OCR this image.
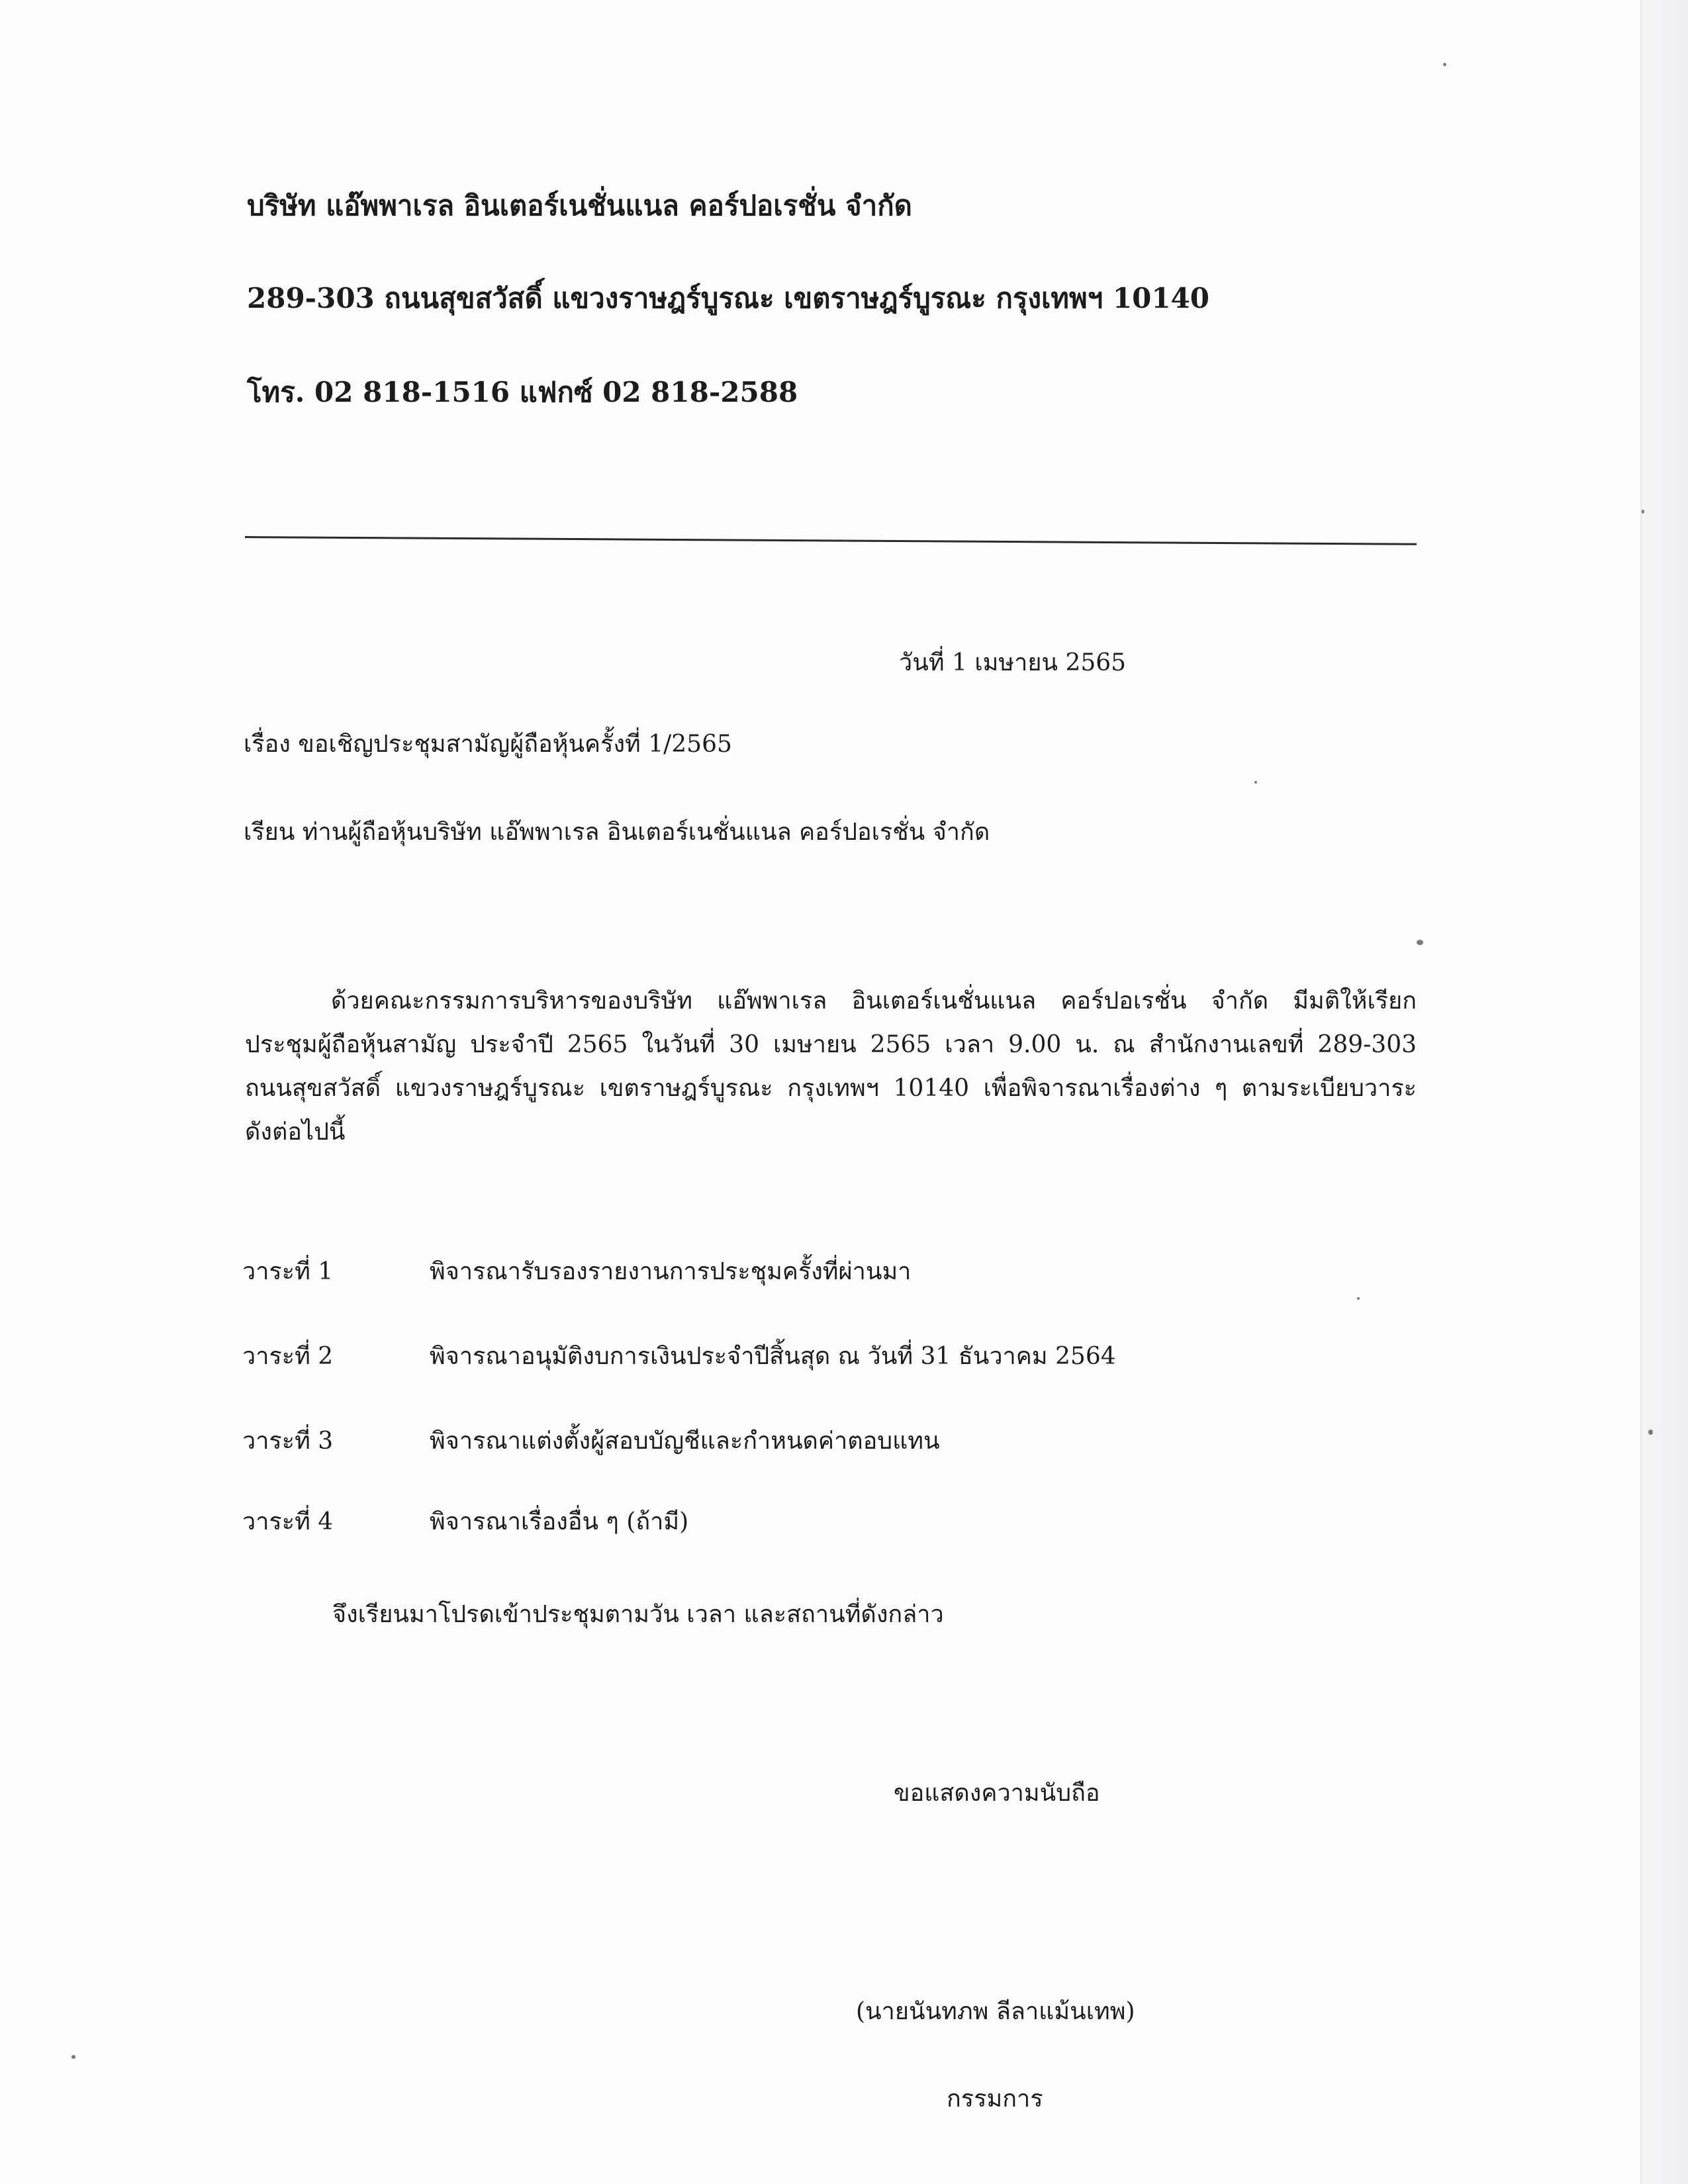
บริษัท แอ๊พพาเรล อินเตอร์เนชั่นแนล คอร์ปอเรชั่น จำกัด
289-303 ถนนสุขสวัสดิ์ แขวงราษฎร์บูรณะ เขตราษฎร์บูรณะ กรุงเทพฯ 10140
โทร. 02 818-1516 แฟกซ์ 02 818-2588
วันที่ 1 เมษายน 2565
เรื่อง ขอเชิญประชุมสามัญผู้ถือหุ้นครั้งที่ 1/2565
เรียน ท่านผู้ถือหุ้นบริษัท แอ๊พพาเรล อินเตอร์เนชั่นแนล คอร์ปอเรชั่น จำกัด
ด้วยคณะกรรมการบริหารของบริษัท แอ๊พพาเรล อินเตอร์เนชั่นแนล คอร์ปอเรชั่น จำกัด มีมติให้เรียก
ประชุมผู้ถือหุ้นสามัญ ประจำปี 2565 ในวันที่ 30 เมษายน 2565 เวลา 9.00 น. ณ สำนักงานเลขที่ 289-303
ถนนสุขสวัสดิ์ แขวงราษฎร์บูรณะ เขตราษฎร์บูรณะ กรุงเทพฯ 10140 เพื่อพิจารณาเรื่องต่าง ๆ ตามระเบียบวาระ
ดังต่อไปนี้
วาระที่ 1	พิจารณารับรองรายงานการประชุมครั้งที่ผ่านมา
วาระที่ 2	พิจารณาอนุมัติงบการเงินประจำปีสิ้นสุด ณ วันที่ 31 ธันวาคม 2564
วาระที่ 3	พิจารณาแต่งตั้งผู้สอบบัญชีและกำหนดค่าตอบแทน
วาระที่ 4	พิจารณาเรื่องอื่น ๆ (ถ้ามี)
จึงเรียนมาโปรดเข้าประชุมตามวัน เวลา และสถานที่ดังกล่าว
ขอแสดงความนับถือ
(นายนันทภพ ลีลาแม้นเทพ)
กรรมการ
